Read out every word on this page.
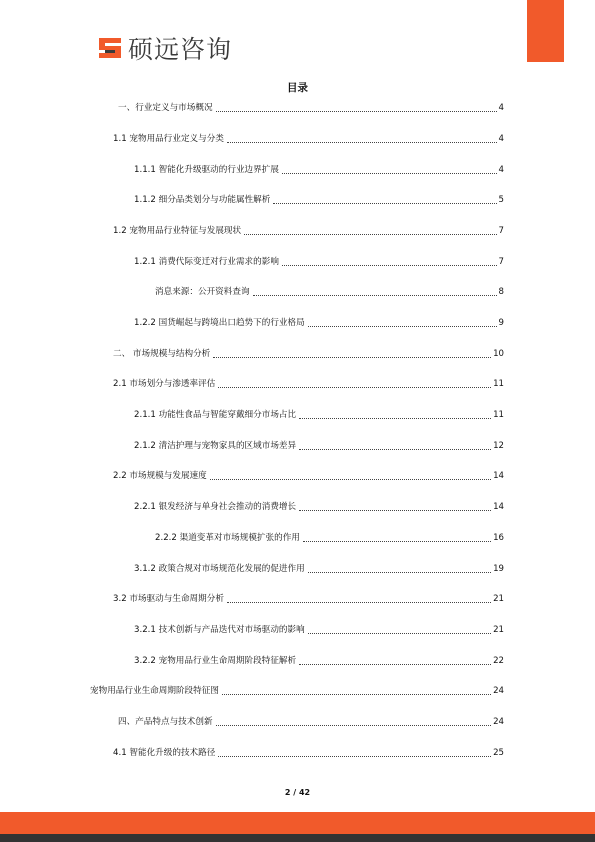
硕远咨询
目录
一、行业定义与市场概况	4
1.1 宠物用品行业定义与分类	4
1.1.1 智能化升级驱动的行业边界扩展	4
1.1.2 细分品类划分与功能属性解析	5
1.2 宠物用品行业特征与发展现状	7
1.2.1 消费代际变迁对行业需求的影响	7
消息来源：公开资料查询	8
1.2.2 国货崛起与跨境出口趋势下的行业格局	9
二、 市场规模与结构分析	10
2.1 市场划分与渗透率评估	11
2.1.1 功能性食品与智能穿戴细分市场占比	11
2.1.2 清洁护理与宠物家具的区域市场差异	12
2.2 市场规模与发展速度	14
2.2.1 银发经济与单身社会推动的消费增长	14
2.2.2 渠道变革对市场规模扩张的作用	16
3.1.2 政策合规对市场规范化发展的促进作用	19
3.2 市场驱动与生命周期分析	21
3.2.1 技术创新与产品迭代对市场驱动的影响	21
3.2.2 宠物用品行业生命周期阶段特征解析	22
宠物用品行业生命周期阶段特征图	24
四、产品特点与技术创新	24
4.1 智能化升级的技术路径	25
2 / 42
